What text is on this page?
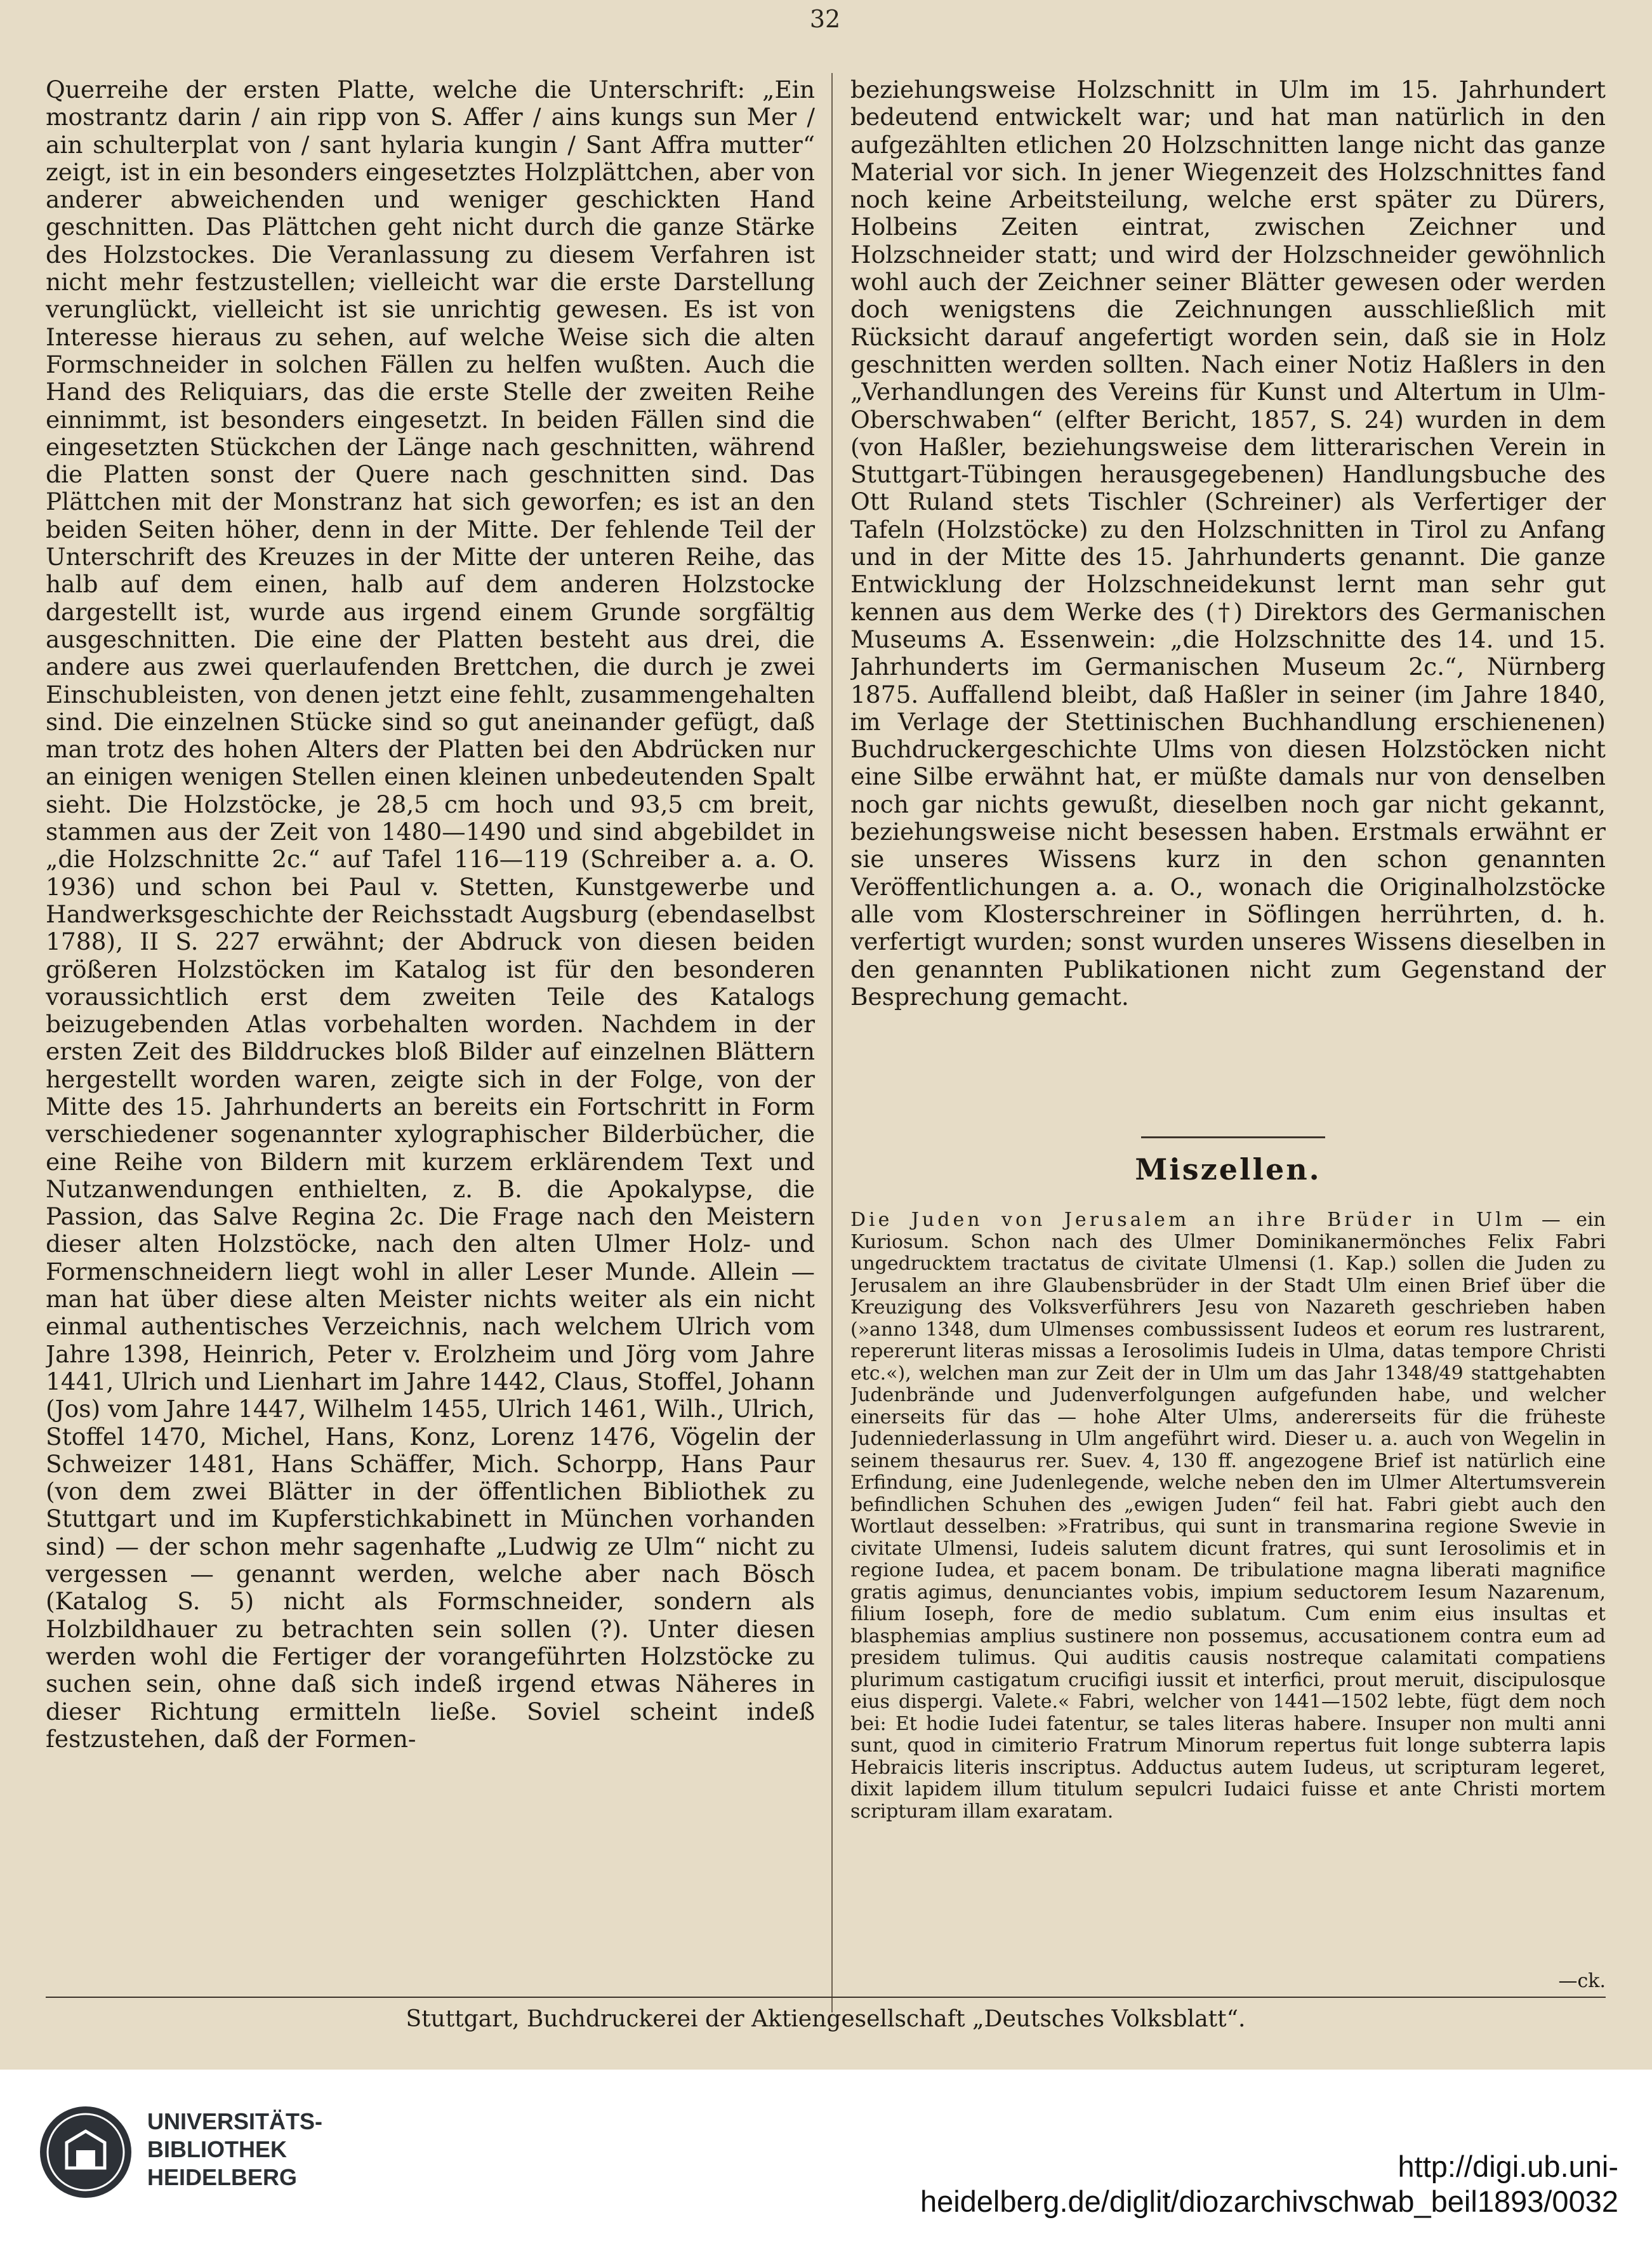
32

Querreihe der ersten Platte, welche die Unterschrift: „Ein mostrantz darin / ain ripp von S. Affer / ains kungs sun Mer / ain schulterplat von / sant hylaria kungin / Sant Affra mutter“ zeigt, ist in ein besonders eingesetztes Holzplättchen, aber von anderer abweichenden und weniger geschickten Hand geschnitten. Das Plättchen geht nicht durch die ganze Stärke des Holzstockes. Die Veranlassung zu diesem Verfahren ist nicht mehr festzustellen; vielleicht war die erste Darstellung verunglückt, vielleicht ist sie unrichtig gewesen. Es ist von Interesse hieraus zu sehen, auf welche Weise sich die alten Formschneider in solchen Fällen zu helfen wußten. Auch die Hand des Reliquiars, das die erste Stelle der zweiten Reihe einnimmt, ist besonders eingesetzt. In beiden Fällen sind die eingesetzten Stückchen der Länge nach geschnitten, während die Platten sonst der Quere nach geschnitten sind. Das Plättchen mit der Monstranz hat sich geworfen; es ist an den beiden Seiten höher, denn in der Mitte. Der fehlende Teil der Unterschrift des Kreuzes in der Mitte der unteren Reihe, das halb auf dem einen, halb auf dem anderen Holzstocke dargestellt ist, wurde aus irgend einem Grunde sorgfältig ausgeschnitten. Die eine der Platten besteht aus drei, die andere aus zwei querlaufenden Brettchen, die durch je zwei Einschubleisten, von denen jetzt eine fehlt, zusammengehalten sind. Die einzelnen Stücke sind so gut aneinander gefügt, daß man trotz des hohen Alters der Platten bei den Abdrücken nur an einigen wenigen Stellen einen kleinen unbedeutenden Spalt sieht. Die Holzstöcke, je 28,5 cm hoch und 93,5 cm breit, stammen aus der Zeit von 1480—1490 und sind abgebildet in „die Holzschnitte 2c.“ auf Tafel 116—119 (Schreiber a. a. O. 1936) und schon bei Paul v. Stetten, Kunstgewerbe und Handwerksgeschichte der Reichsstadt Augsburg (ebendaselbst 1788), II S. 227 erwähnt; der Abdruck von diesen beiden größeren Holzstöcken im Katalog ist für den besonderen voraussichtlich erst dem zweiten Teile des Katalogs beizugebenden Atlas vorbehalten worden. Nachdem in der ersten Zeit des Bilddruckes bloß Bilder auf einzelnen Blättern hergestellt worden waren, zeigte sich in der Folge, von der Mitte des 15. Jahrhunderts an bereits ein Fortschritt in Form verschiedener sogenannter xylographischer Bilderbücher, die eine Reihe von Bildern mit kurzem erklärendem Text und Nutzanwendungen enthielten, z. B. die Apokalypse, die Passion, das Salve Regina 2c. Die Frage nach den Meistern dieser alten Holzstöcke, nach den alten Ulmer Holz- und Formenschneidern liegt wohl in aller Leser Munde. Allein — man hat über diese alten Meister nichts weiter als ein nicht einmal authentisches Verzeichnis, nach welchem Ulrich vom Jahre 1398, Heinrich, Peter v. Erolzheim und Jörg vom Jahre 1441, Ulrich und Lienhart im Jahre 1442, Claus, Stoffel, Johann (Jos) vom Jahre 1447, Wilhelm 1455, Ulrich 1461, Wilh., Ulrich, Stoffel 1470, Michel, Hans, Konz, Lorenz 1476, Vögelin der Schweizer 1481, Hans Schäffer, Mich. Schorpp, Hans Paur (von dem zwei Blätter in der öffentlichen Bibliothek zu Stuttgart und im Kupferstichkabinett in München vorhanden sind) — der schon mehr sagenhafte „Ludwig ze Ulm“ nicht zu vergessen — genannt werden, welche aber nach Bösch (Katalog S. 5) nicht als Formschneider, sondern als Holzbildhauer zu betrachten sein sollen (?). Unter diesen werden wohl die Fertiger der vorangeführten Holzstöcke zu suchen sein, ohne daß sich indeß irgend etwas Näheres in dieser Richtung ermitteln ließe. Soviel scheint indeß festzustehen, daß der Formen-

beziehungsweise Holzschnitt in Ulm im 15. Jahrhundert bedeutend entwickelt war; und hat man natürlich in den aufgezählten etlichen 20 Holzschnitten lange nicht das ganze Material vor sich. In jener Wiegenzeit des Holzschnittes fand noch keine Arbeitsteilung, welche erst später zu Dürers, Holbeins Zeiten eintrat, zwischen Zeichner und Holzschneider statt; und wird der Holzschneider gewöhnlich wohl auch der Zeichner seiner Blätter gewesen oder werden doch wenigstens die Zeichnungen ausschließlich mit Rücksicht darauf angefertigt worden sein, daß sie in Holz geschnitten werden sollten. Nach einer Notiz Haßlers in den „Verhandlungen des Vereins für Kunst und Altertum in Ulm-Oberschwaben“ (elfter Bericht, 1857, S. 24) wurden in dem (von Haßler, beziehungsweise dem litterarischen Verein in Stuttgart-Tübingen herausgegebenen) Handlungsbuche des Ott Ruland stets Tischler (Schreiner) als Verfertiger der Tafeln (Holzstöcke) zu den Holzschnitten in Tirol zu Anfang und in der Mitte des 15. Jahrhunderts genannt. Die ganze Entwicklung der Holzschneidekunst lernt man sehr gut kennen aus dem Werke des (†) Direktors des Germanischen Museums A. Essenwein: „die Holzschnitte des 14. und 15. Jahrhunderts im Germanischen Museum 2c.“, Nürnberg 1875. Auffallend bleibt, daß Haßler in seiner (im Jahre 1840, im Verlage der Stettinischen Buchhandlung erschienenen) Buchdruckergeschichte Ulms von diesen Holzstöcken nicht eine Silbe erwähnt hat, er müßte damals nur von denselben noch gar nichts gewußt, dieselben noch gar nicht gekannt, beziehungsweise nicht besessen haben. Erstmals erwähnt er sie unseres Wissens kurz in den schon genannten Veröffentlichungen a. a. O., wonach die Originalholzstöcke alle vom Klosterschreiner in Söflingen herrührten, d. h. verfertigt wurden; sonst wurden unseres Wissens dieselben in den genannten Publikationen nicht zum Gegenstand der Besprechung gemacht.

Miszellen.

Die Juden von Jerusalem an ihre Brüder in Ulm — ein Kuriosum. Schon nach des Ulmer Dominikanermönches Felix Fabri ungedrucktem tractatus de civitate Ulmensi (1. Kap.) sollen die Juden zu Jerusalem an ihre Glaubensbrüder in der Stadt Ulm einen Brief über die Kreuzigung des Volksverführers Jesu von Nazareth geschrieben haben (»anno 1348, dum Ulmenses combussissent Iudeos et eorum res lustrarent, repererunt literas missas a Ierosolimis Iudeis in Ulma, datas tempore Christi etc.«), welchen man zur Zeit der in Ulm um das Jahr 1348/49 stattgehabten Judenbrände und Judenverfolgungen aufgefunden habe, und welcher einerseits für das — hohe Alter Ulms, andererseits für die früheste Judenniederlassung in Ulm angeführt wird. Dieser u. a. auch von Wegelin in seinem thesaurus rer. Suev. 4, 130 ff. angezogene Brief ist natürlich eine Erfindung, eine Judenlegende, welche neben den im Ulmer Altertumsverein befindlichen Schuhen des „ewigen Juden“ feil hat. Fabri giebt auch den Wortlaut desselben: »Fratribus, qui sunt in transmarina regione Swevie in civitate Ulmensi, Iudeis salutem dicunt fratres, qui sunt Ierosolimis et in regione Iudea, et pacem bonam. De tribulatione magna liberati magnifice gratis agimus, denunciantes vobis, impium seductorem Iesum Nazarenum, filium Ioseph, fore de medio sublatum. Cum enim eius insultas et blasphemias amplius sustinere non possemus, accusationem contra eum ad presidem tulimus. Qui auditis causis nostreque calamitati compatiens plurimum castigatum crucifigi iussit et interfici, prout meruit, discipulosque eius dispergi. Valete.« Fabri, welcher von 1441—1502 lebte, fügt dem noch bei: Et hodie Iudei fatentur, se tales literas habere. Insuper non multi anni sunt, quod in cimiterio Fratrum Minorum repertus fuit longe subterra lapis Hebraicis literis inscriptus. Adductus autem Iudeus, ut scripturam legeret, dixit lapidem illum titulum sepulcri Iudaici fuisse et ante Christi mortem scripturam illam exaratam.

—ck.
Stuttgart, Buchdruckerei der Aktiengesellschaft „Deutsches Volksblatt“.
UNIVERSITÄTS-
BIBLIOTHEK
HEIDELBERG	http://digi.ub.uni-heidelberg.de/diglit/diozarchivschwab_beil1893/0032
